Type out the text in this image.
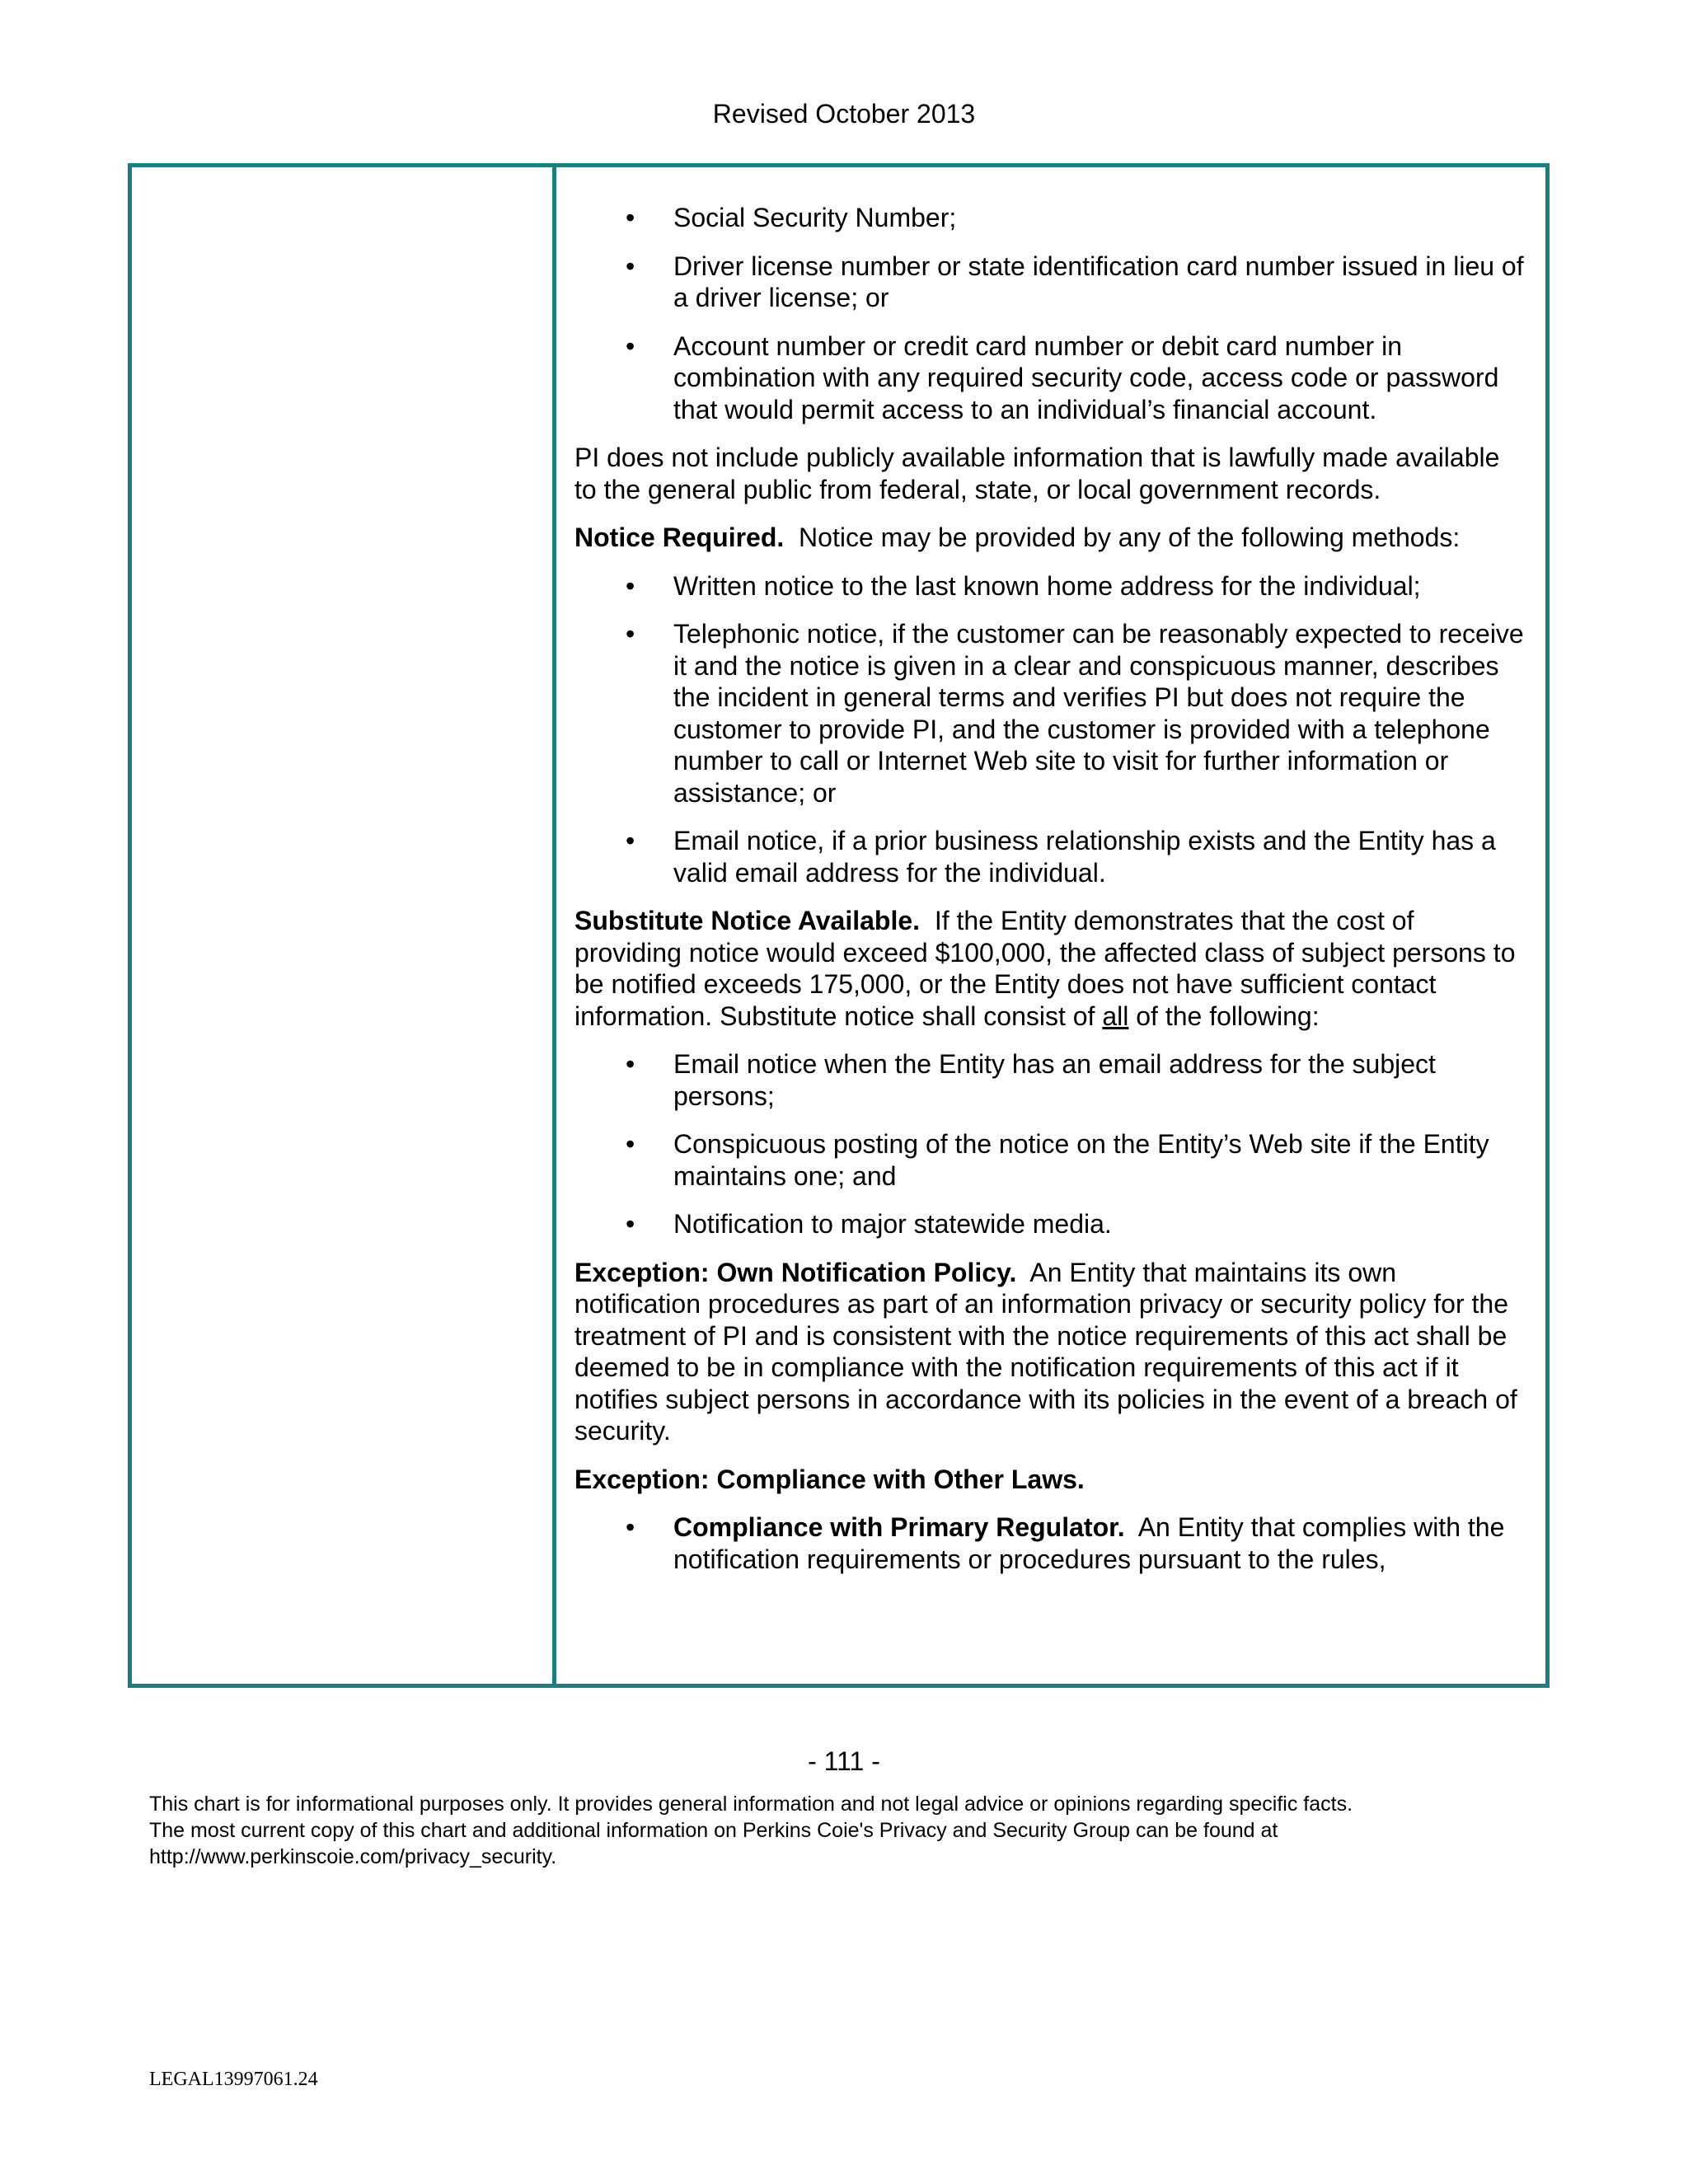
Revised October 2013
• Social Security Number;
• Driver license number or state identification card number issued in lieu of a driver license; or
• Account number or credit card number or debit card number in combination with any required security code, access code or password that would permit access to an individual’s financial account.

PI does not include publicly available information that is lawfully made available to the general public from federal, state, or local government records.

Notice Required. Notice may be provided by any of the following methods:

• Written notice to the last known home address for the individual;
• Telephonic notice, if the customer can be reasonably expected to receive it and the notice is given in a clear and conspicuous manner, describes the incident in general terms and verifies PI but does not require the customer to provide PI, and the customer is provided with a telephone number to call or Internet Web site to visit for further information or assistance; or
• Email notice, if a prior business relationship exists and the Entity has a valid email address for the individual.

Substitute Notice Available. If the Entity demonstrates that the cost of providing notice would exceed $100,000, the affected class of subject persons to be notified exceeds 175,000, or the Entity does not have sufficient contact information. Substitute notice shall consist of all of the following:

• Email notice when the Entity has an email address for the subject persons;
• Conspicuous posting of the notice on the Entity’s Web site if the Entity maintains one; and
• Notification to major statewide media.

Exception: Own Notification Policy. An Entity that maintains its own notification procedures as part of an information privacy or security policy for the treatment of PI and is consistent with the notice requirements of this act shall be deemed to be in compliance with the notification requirements of this act if it notifies subject persons in accordance with its policies in the event of a breach of security.

Exception: Compliance with Other Laws.

• Compliance with Primary Regulator. An Entity that complies with the notification requirements or procedures pursuant to the rules,
- 111 -
This chart is for informational purposes only. It provides general information and not legal advice or opinions regarding specific facts.
The most current copy of this chart and additional information on Perkins Coie's Privacy and Security Group can be found at
http://www.perkinscoie.com/privacy_security.
LEGAL13997061.24
